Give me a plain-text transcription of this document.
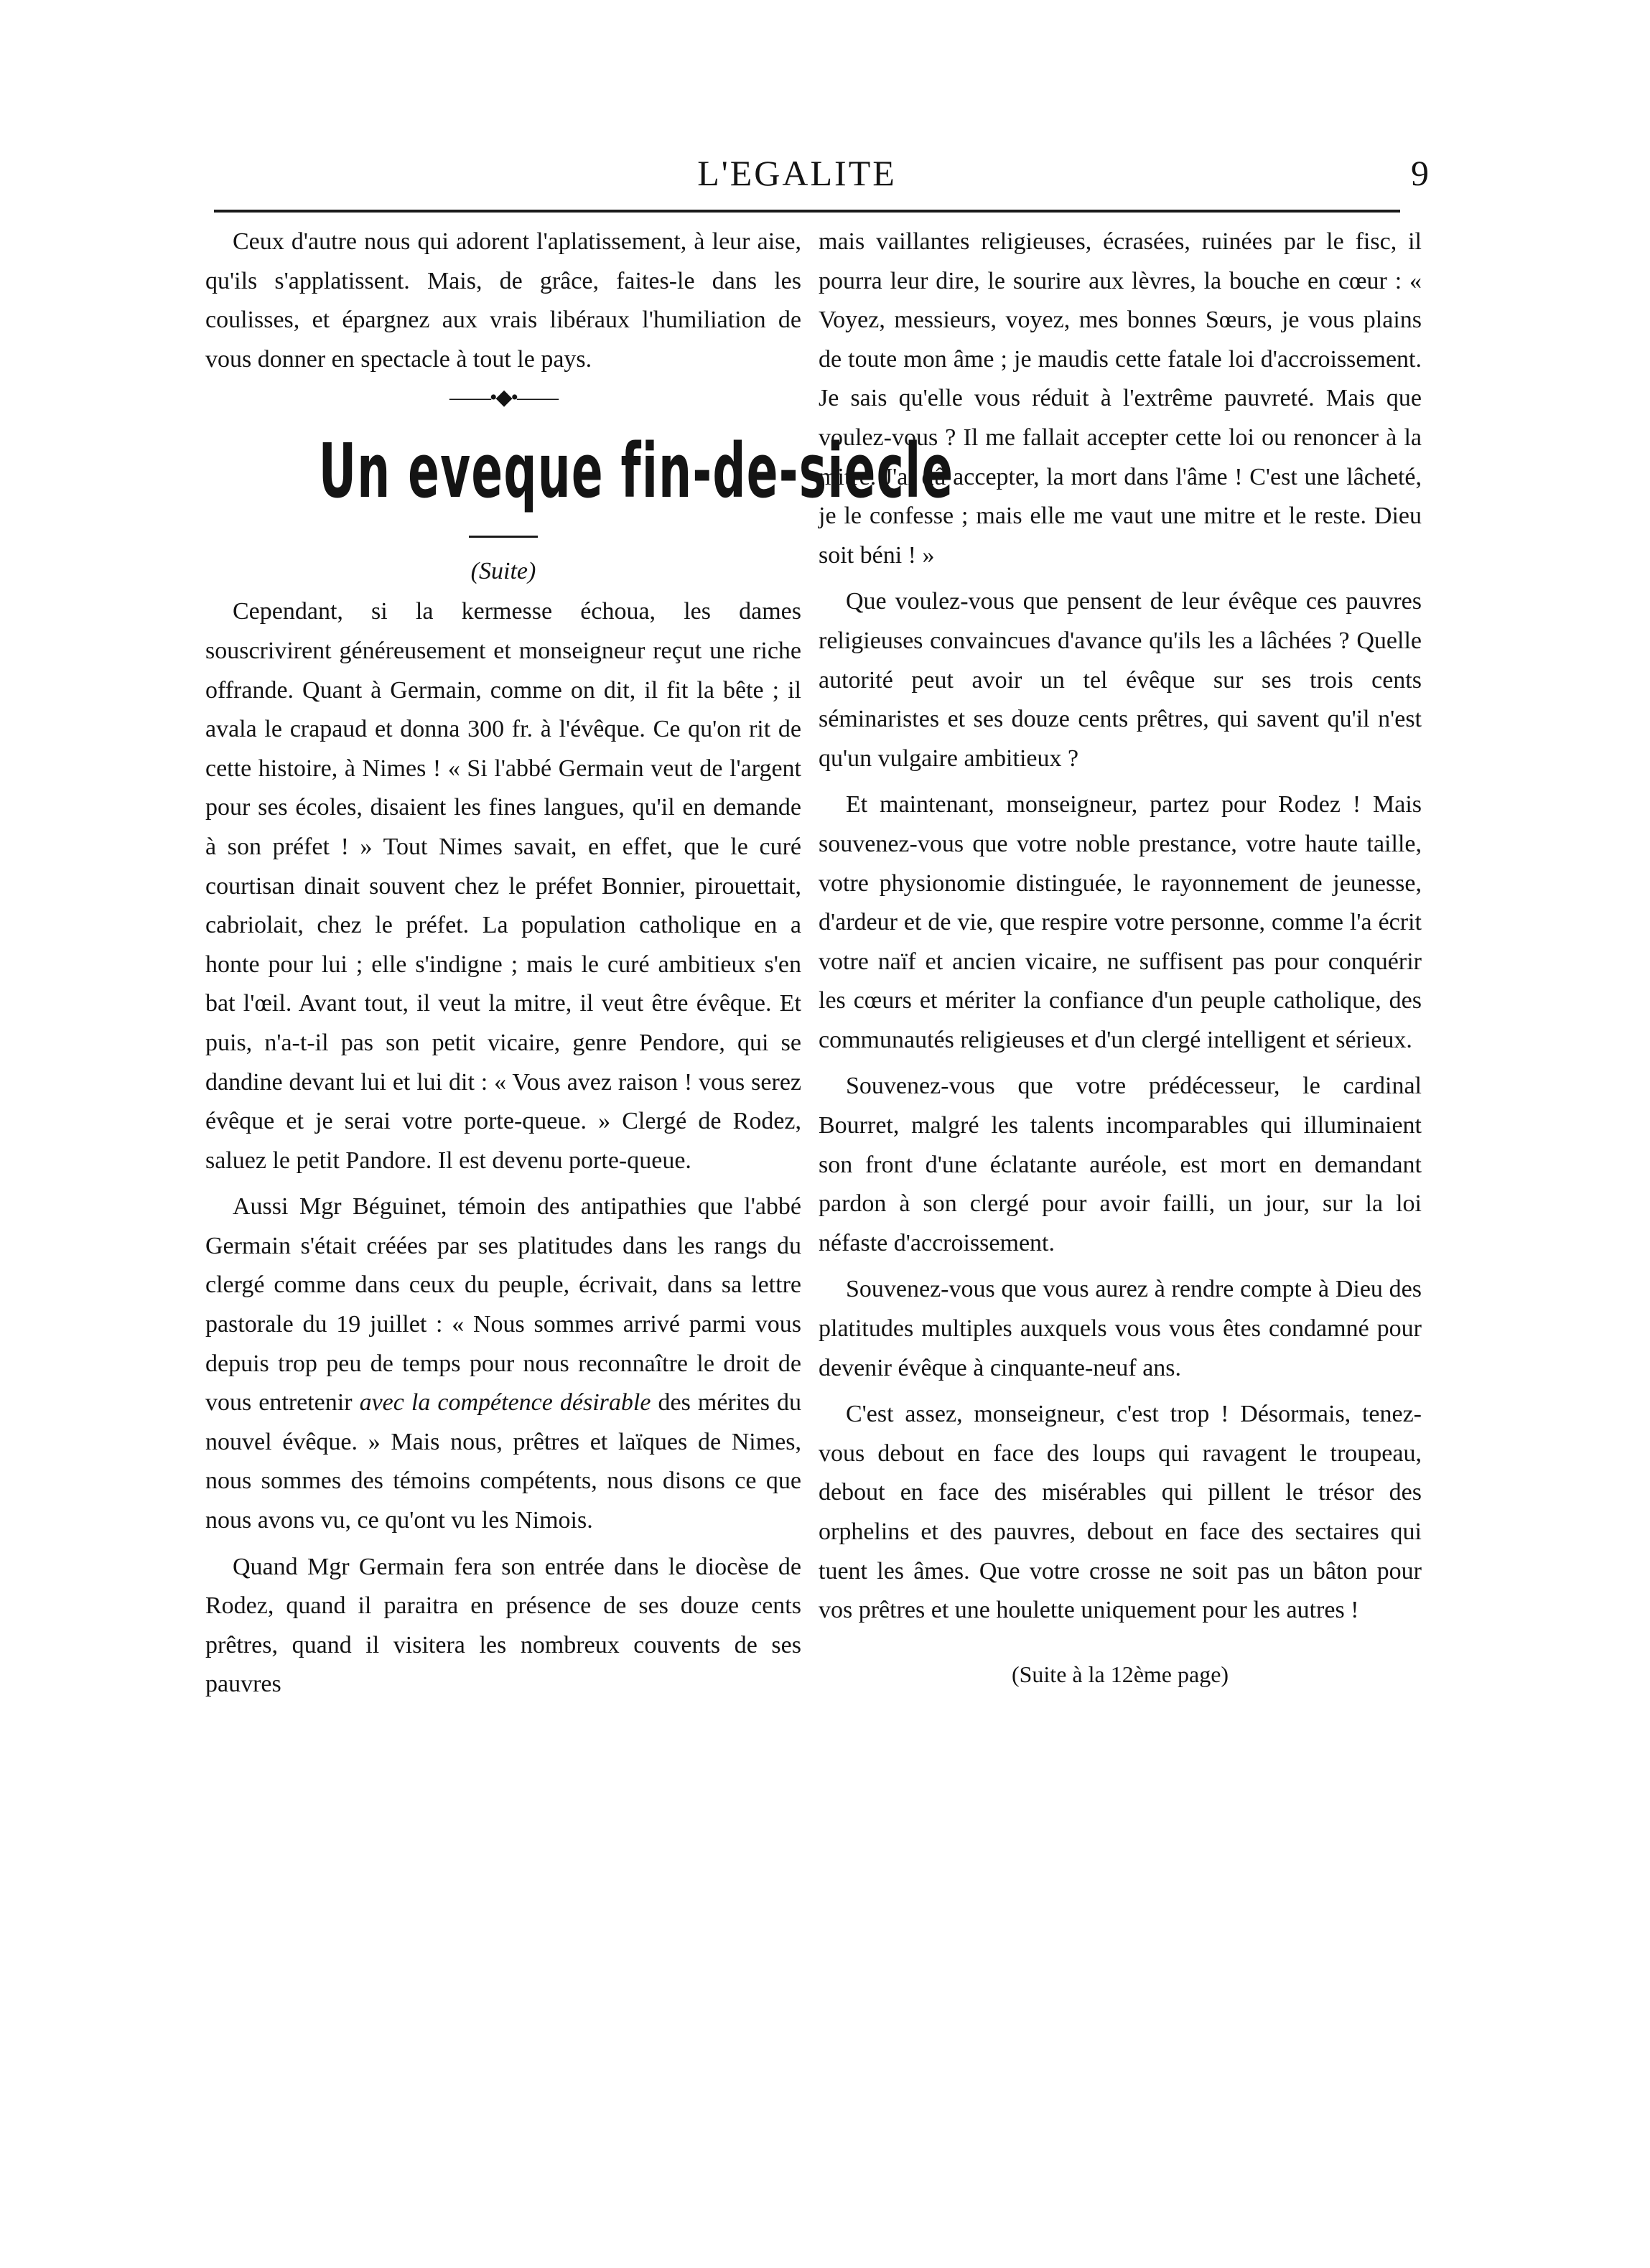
L'EGALITE	9

Ceux d'autre nous qui adorent l'aplatissement, à leur aise, qu'ils s'applatissent. Mais, de grâce, faites-le dans les coulisses, et épargnez aux vrais libéraux l'humiliation de vous donner en spectacle à tout le pays.

——•◆•——
Un eveque fin-de-siecle
(Suite)

Cependant, si la kermesse échoua, les dames souscrivirent généreusement et monseigneur reçut une riche offrande. Quant à Germain, comme on dit, il fit la bête ; il avala le crapaud et donna 300 fr. à l'évêque. Ce qu'on rit de cette histoire, à Nimes ! « Si l'abbé Germain veut de l'argent pour ses écoles, disaient les fines langues, qu'il en demande à son préfet ! » Tout Nimes savait, en effet, que le curé courtisan dinait souvent chez le préfet Bonnier, pirouettait, cabriolait, chez le préfet. La population catholique en a honte pour lui ; elle s'indigne ; mais le curé ambitieux s'en bat l'œil. Avant tout, il veut la mitre, il veut être évêque. Et puis, n'a-t-il pas son petit vicaire, genre Pendore, qui se dandine devant lui et lui dit : « Vous avez raison ! vous serez évêque et je serai votre porte-queue. » Clergé de Rodez, saluez le petit Pandore. Il est devenu porte-queue.

Aussi Mgr Béguinet, témoin des antipathies que l'abbé Germain s'était créées par ses platitudes dans les rangs du clergé comme dans ceux du peuple, écrivait, dans sa lettre pastorale du 19 juillet : « Nous sommes arrivé parmi vous depuis trop peu de temps pour nous reconnaître le droit de vous entretenir avec la compétence désirable des mérites du nouvel évêque. » Mais nous, prêtres et laïques de Nimes, nous sommes des témoins compétents, nous disons ce que nous avons vu, ce qu'ont vu les Nimois.

Quand Mgr Germain fera son entrée dans le diocèse de Rodez, quand il paraitra en présence de ses douze cents prêtres, quand il visitera les nombreux couvents de ses pauvres

mais vaillantes religieuses, écrasées, ruinées par le fisc, il pourra leur dire, le sourire aux lèvres, la bouche en cœur : « Voyez, messieurs, voyez, mes bonnes Sœurs, je vous plains de toute mon âme ; je maudis cette fatale loi d'accroissement. Je sais qu'elle vous réduit à l'extrême pauvreté. Mais que voulez-vous ? Il me fallait accepter cette loi ou renoncer à la mitre. J'ai dû accepter, la mort dans l'âme ! C'est une lâcheté, je le confesse ; mais elle me vaut une mitre et le reste. Dieu soit béni ! »

Que voulez-vous que pensent de leur évêque ces pauvres religieuses convaincues d'avance qu'ils les a lâchées ? Quelle autorité peut avoir un tel évêque sur ses trois cents séminaristes et ses douze cents prêtres, qui savent qu'il n'est qu'un vulgaire ambitieux ?

Et maintenant, monseigneur, partez pour Rodez ! Mais souvenez-vous que votre noble prestance, votre haute taille, votre physionomie distinguée, le rayonnement de jeunesse, d'ardeur et de vie, que respire votre personne, comme l'a écrit votre naïf et ancien vicaire, ne suffisent pas pour conquérir les cœurs et mériter la confiance d'un peuple catholique, des communautés religieuses et d'un clergé intelligent et sérieux.

Souvenez-vous que votre prédécesseur, le cardinal Bourret, malgré les talents incomparables qui illuminaient son front d'une éclatante auréole, est mort en demandant pardon à son clergé pour avoir failli, un jour, sur la loi néfaste d'accroissement.

Souvenez-vous que vous aurez à rendre compte à Dieu des platitudes multiples auxquels vous vous êtes condamné pour devenir évêque à cinquante-neuf ans.

C'est assez, monseigneur, c'est trop ! Désormais, tenez-vous debout en face des loups qui ravagent le troupeau, debout en face des misérables qui pillent le trésor des orphelins et des pauvres, debout en face des sectaires qui tuent les âmes. Que votre crosse ne soit pas un bâton pour vos prêtres et une houlette uniquement pour les autres !

(Suite à la 12ème page)
